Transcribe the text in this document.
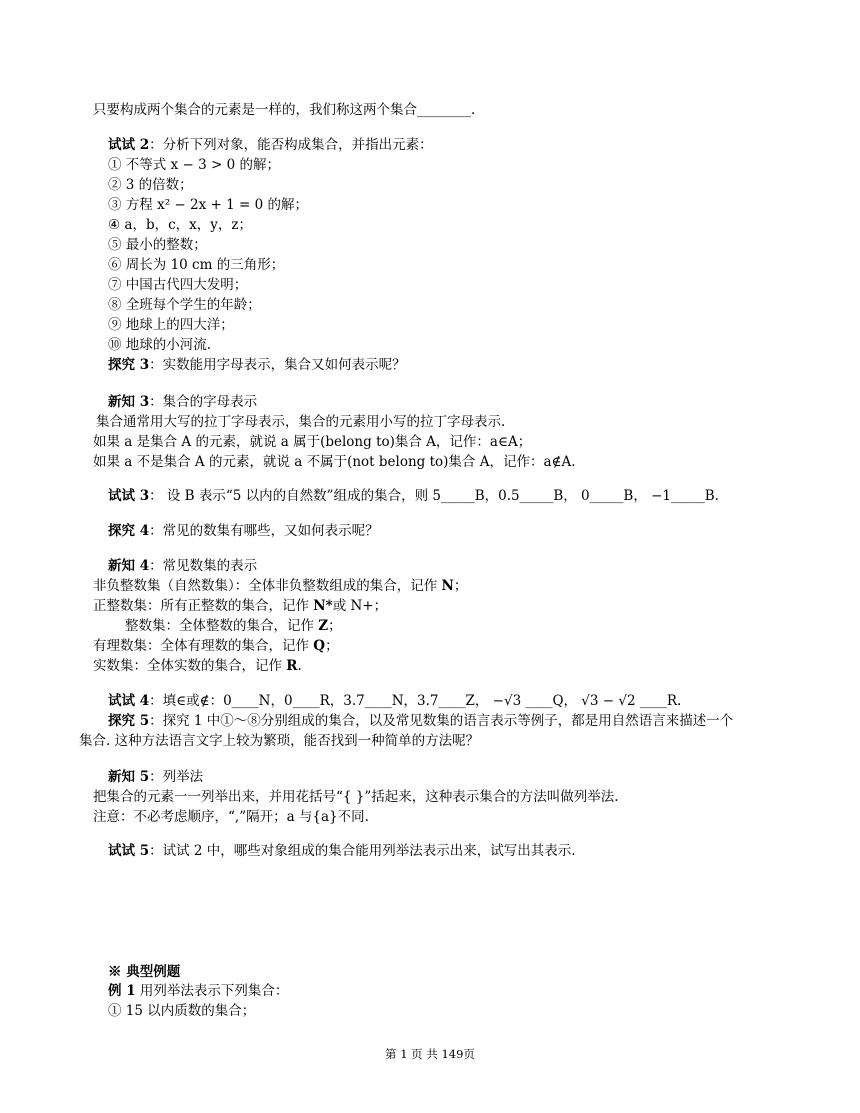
只要构成两个集合的元素是一样的，我们称这两个集合________.
试试 2：分析下列对象，能否构成集合，并指出元素：
① 不等式 x − 3 > 0 的解；
② 3 的倍数；
③ 方程 x² − 2x + 1 = 0 的解；
④ a，b，c，x，y，z；
⑤ 最小的整数；
⑥ 周长为 10 cm 的三角形；
⑦ 中国古代四大发明；
⑧ 全班每个学生的年龄；
⑨ 地球上的四大洋；
⑩ 地球的小河流.
探究 3：实数能用字母表示，集合又如何表示呢？
新知 3：集合的字母表示
集合通常用大写的拉丁字母表示，集合的元素用小写的拉丁字母表示.
如果 a 是集合 A 的元素，就说 a 属于(belong to)集合 A，记作：a∈A；
如果 a 不是集合 A 的元素，就说 a 不属于(not belong to)集合 A，记作：a∉A.
试试 3： 设 B 表示“5 以内的自然数”组成的集合，则 5_____B，0.5_____B， 0_____B， −1_____B.
探究 4：常见的数集有哪些，又如何表示呢？
新知 4：常见数集的表示
非负整数集（自然数集）：全体非负整数组成的集合，记作 N；
正整数集：所有正整数的集合，记作 N*或 N+；
整数集：全体整数的集合，记作 Z；
有理数集：全体有理数的集合，记作 Q；
实数集：全体实数的集合，记作 R.
试试 4：填∈或∉：0____N，0____R，3.7____N，3.7____Z， −√3 ____Q， √3 − √2 ____R.
探究 5：探究 1 中①～⑧分别组成的集合，以及常见数集的语言表示等例子，都是用自然语言来描述一个
集合. 这种方法语言文字上较为繁琐，能否找到一种简单的方法呢？
新知 5：列举法
把集合的元素一一列举出来，并用花括号“{ }”括起来，这种表示集合的方法叫做列举法.
注意：不必考虑顺序，“,”隔开；a 与{a}不同.
试试 5：试试 2 中，哪些对象组成的集合能用列举法表示出来，试写出其表示.
※ 典型例题
例 1 用列举法表示下列集合：
① 15 以内质数的集合；
第 1 页 共 149页
